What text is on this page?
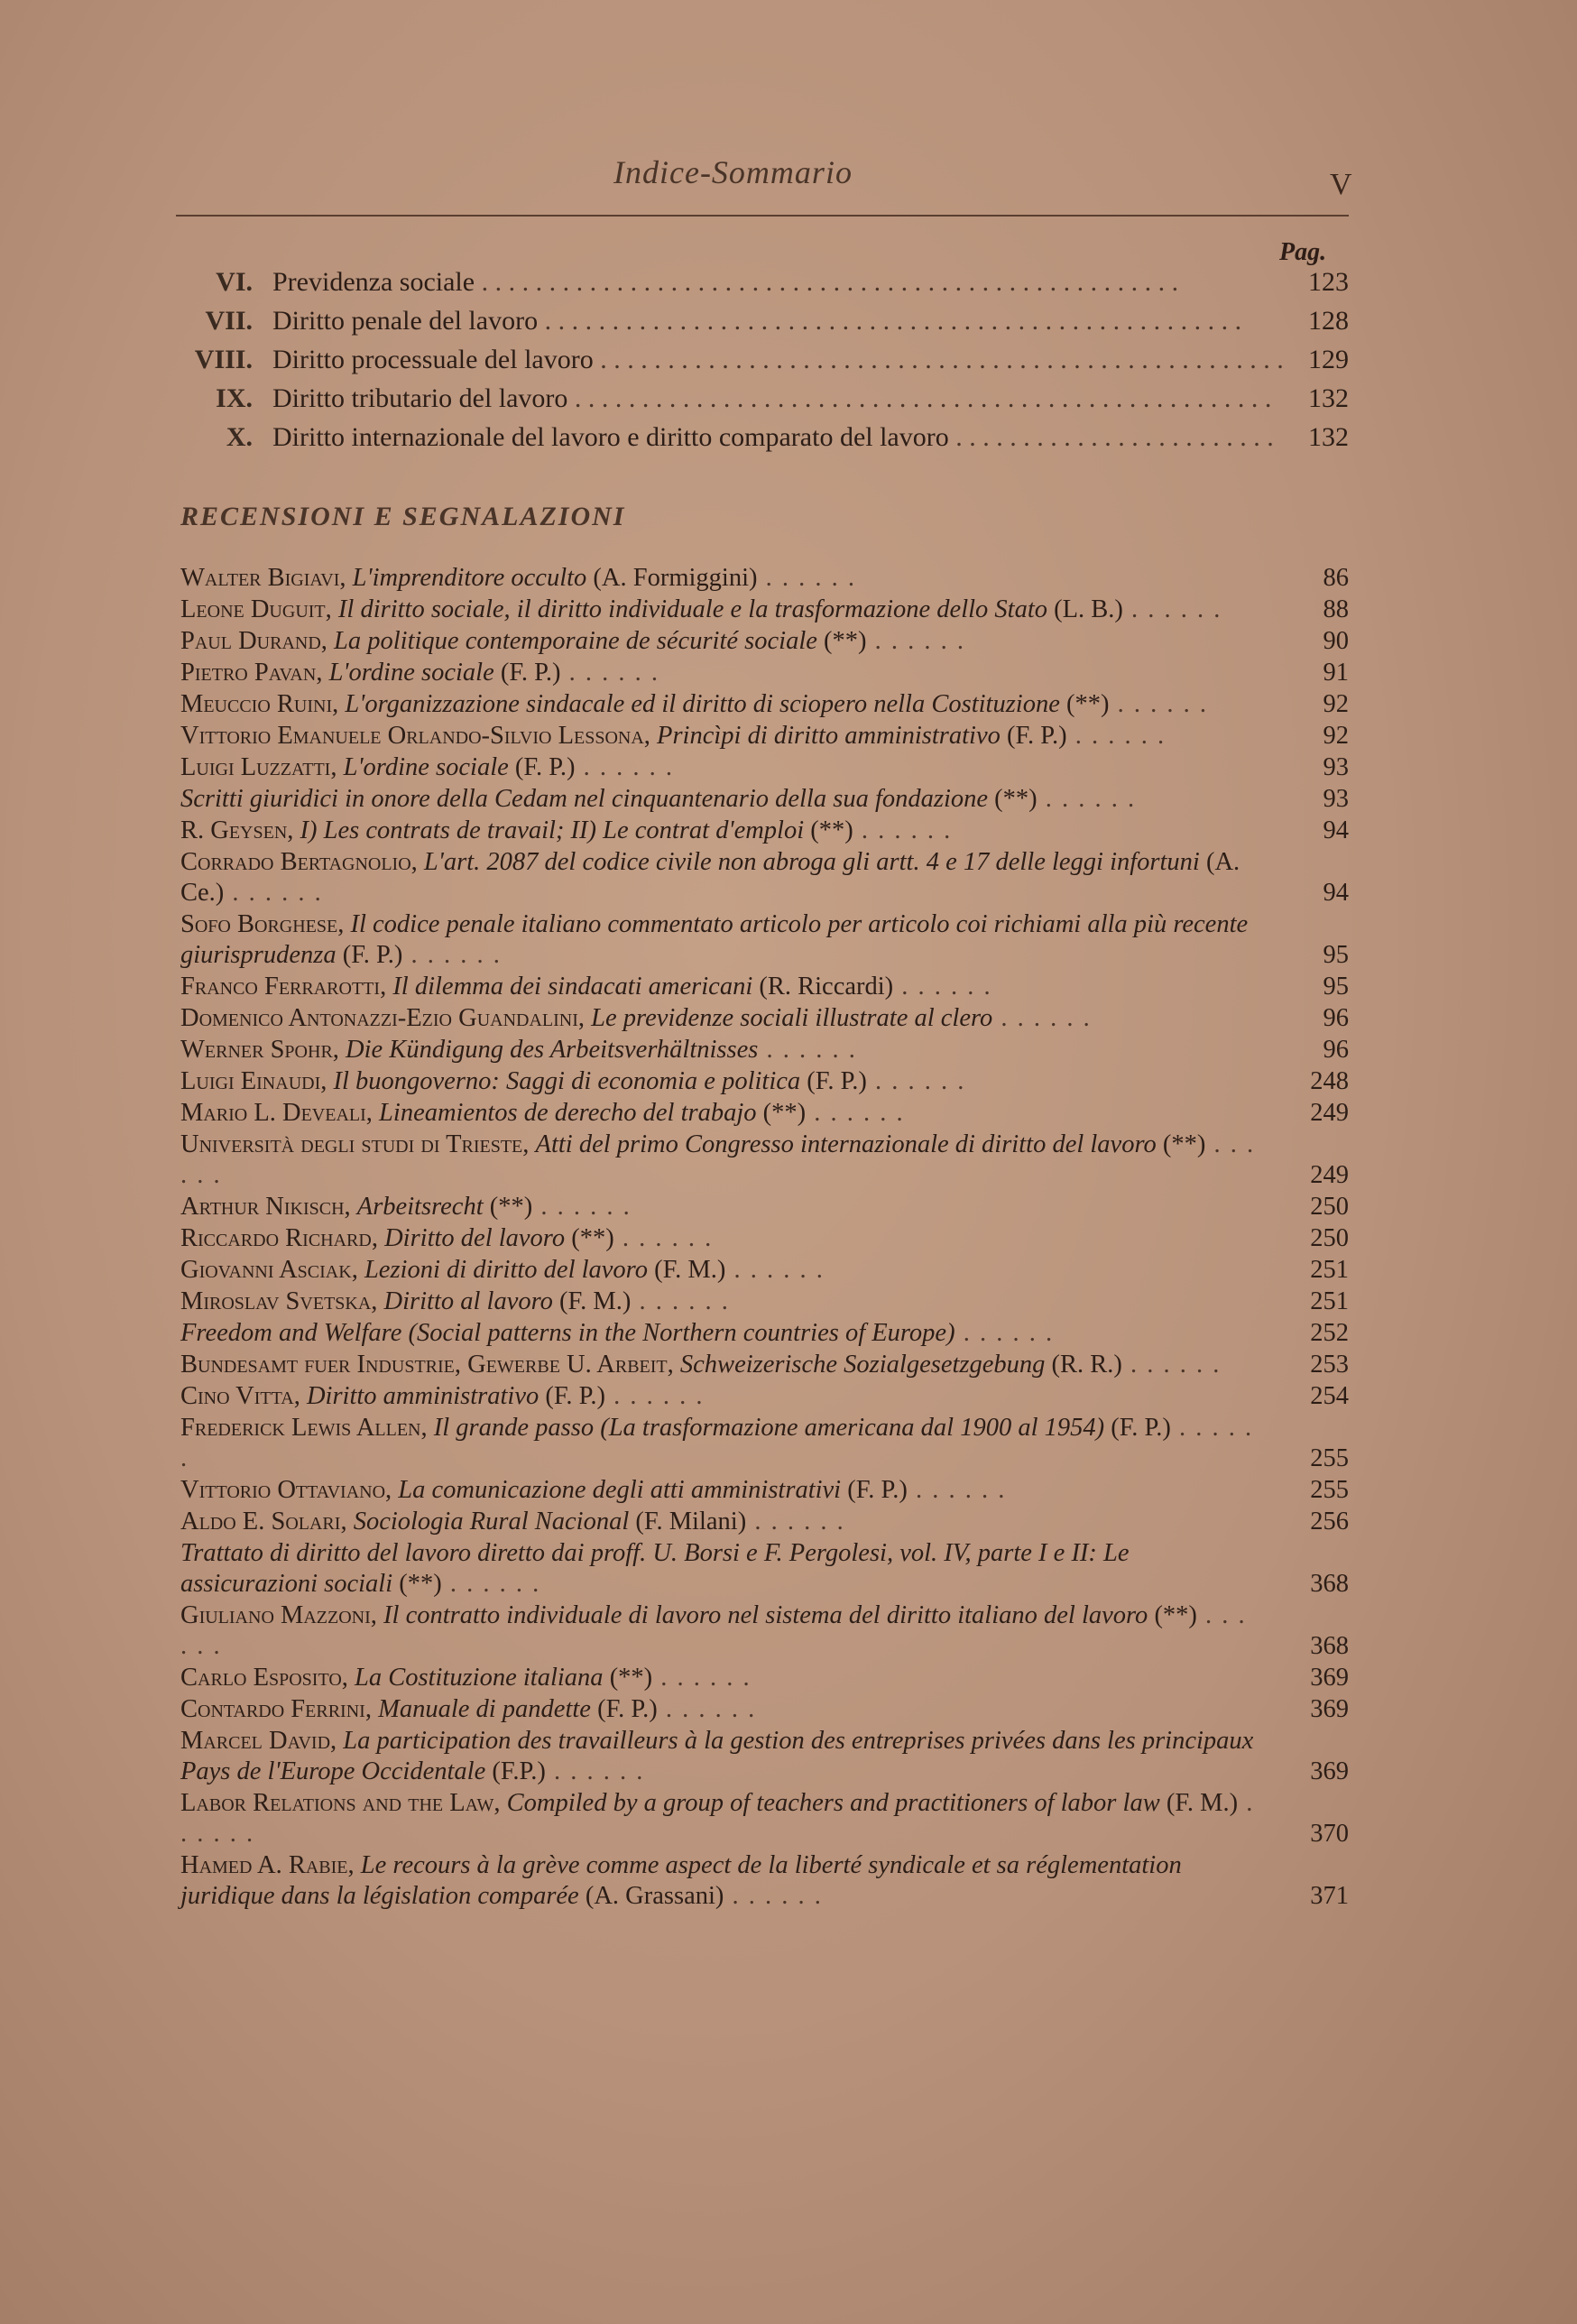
Indice-Sommario	V
Pag.
VI. Previdenza sociale . . .	123
VII. Diritto penale del lavoro . . .	128
VIII. Diritto processuale del lavoro . . .	129
IX. Diritto tributario del lavoro . . .	132
X. Diritto internazionale del lavoro e diritto comparato del lavoro . . .	132
RECENSIONI E SEGNALAZIONI
Walter Bigiavi, L'imprenditore occulto (A. Formiggini) . . . . . .	86
Leone Duguit, Il diritto sociale, il diritto individuale e la trasformazione dello Stato (L. B.) . . . . . .	88
Paul Durand, La politique contemporaine de sécurité sociale (**) . . . . . .	90
Pietro Pavan, L'ordine sociale (F. P.) . . . . . .	91
Meuccio Ruini, L'organizzazione sindacale ed il diritto di sciopero nella Costituzione (**) . . . . . .	92
Vittorio Emanuele Orlando-Silvio Lessona, Princìpi di diritto amministrativo (F. P.) . . . . . .	92
Luigi Luzzatti, L'ordine sociale (F. P.) . . . . . .	93
Scritti giuridici in onore della Cedam nel cinquantenario della sua fondazione (**) . . . . . .	93
R. Geysen, I) Les contrats de travail; II) Le contrat d'emploi (**) . . . . . .	94
Corrado Bertagnolio, L'art. 2087 del codice civile non abroga gli artt. 4 e 17 delle leggi infortuni (A. Ce.) . . . . . .	94
Sofo Borghese, Il codice penale italiano commentato articolo per articolo coi richiami alla più recente giurisprudenza (F. P.) . . . . . .	95
Franco Ferrarotti, Il dilemma dei sindacati americani (R. Riccardi) . . . . . .	95
Domenico Antonazzi-Ezio Guandalini, Le previdenze sociali illustrate al clero . . . . . .	96
Werner Spohr, Die Kündigung des Arbeitsverhältnisses . . . . . .	96
Luigi Einaudi, Il buongoverno: Saggi di economia e politica (F. P.) . . . . . .	248
Mario L. Deveali, Lineamientos de derecho del trabajo (**) . . . . . .	249
Università degli studi di Trieste, Atti del primo Congresso internazionale di diritto del lavoro (**) . . . . . .	249
Arthur Nikisch, Arbeitsrecht (**) . . . . . .	250
Riccardo Richard, Diritto del lavoro (**) . . . . . .	250
Giovanni Asciak, Lezioni di diritto del lavoro (F. M.) . . . . . .	251
Miroslav Svetska, Diritto al lavoro (F. M.) . . . . . .	251
Freedom and Welfare (Social patterns in the Northern countries of Europe) . . . . . .	252
Bundesamt fuer Industrie, Gewerbe U. Arbeit, Schweizerische Sozialgesetzgebung (R. R.) . . . . . .	253
Cino Vitta, Diritto amministrativo (F. P.) . . . . . .	254
Frederick Lewis Allen, Il grande passo (La trasformazione americana dal 1900 al 1954) (F. P.) . . . . . .	255
Vittorio Ottaviano, La comunicazione degli atti amministrativi (F. P.) . . . . . .	255
Aldo E. Solari, Sociologia Rural Nacional (F. Milani) . . . . . .	256
Trattato di diritto del lavoro diretto dai proff. U. Borsi e F. Pergolesi, vol. IV, parte I e II: Le assicurazioni sociali (**) . . . . . .	368
Giuliano Mazzoni, Il contratto individuale di lavoro nel sistema del diritto italiano del lavoro (**) . . . . . .	368
Carlo Esposito, La Costituzione italiana (**) . . . . . .	369
Contardo Ferrini, Manuale di pandette (F. P.) . . . . . .	369
Marcel David, La participation des travailleurs à la gestion des entreprises privées dans les principaux Pays de l'Europe Occidentale (F.P.) . . . . . .	369
Labor Relations and the Law, Compiled by a group of teachers and practitioners of labor law (F. M.) . . . . . .	370
Hamed A. Rabie, Le recours à la grève comme aspect de la liberté syndicale et sa réglementation juridique dans la législation comparée (A. Grassani) . . . . . .	371
